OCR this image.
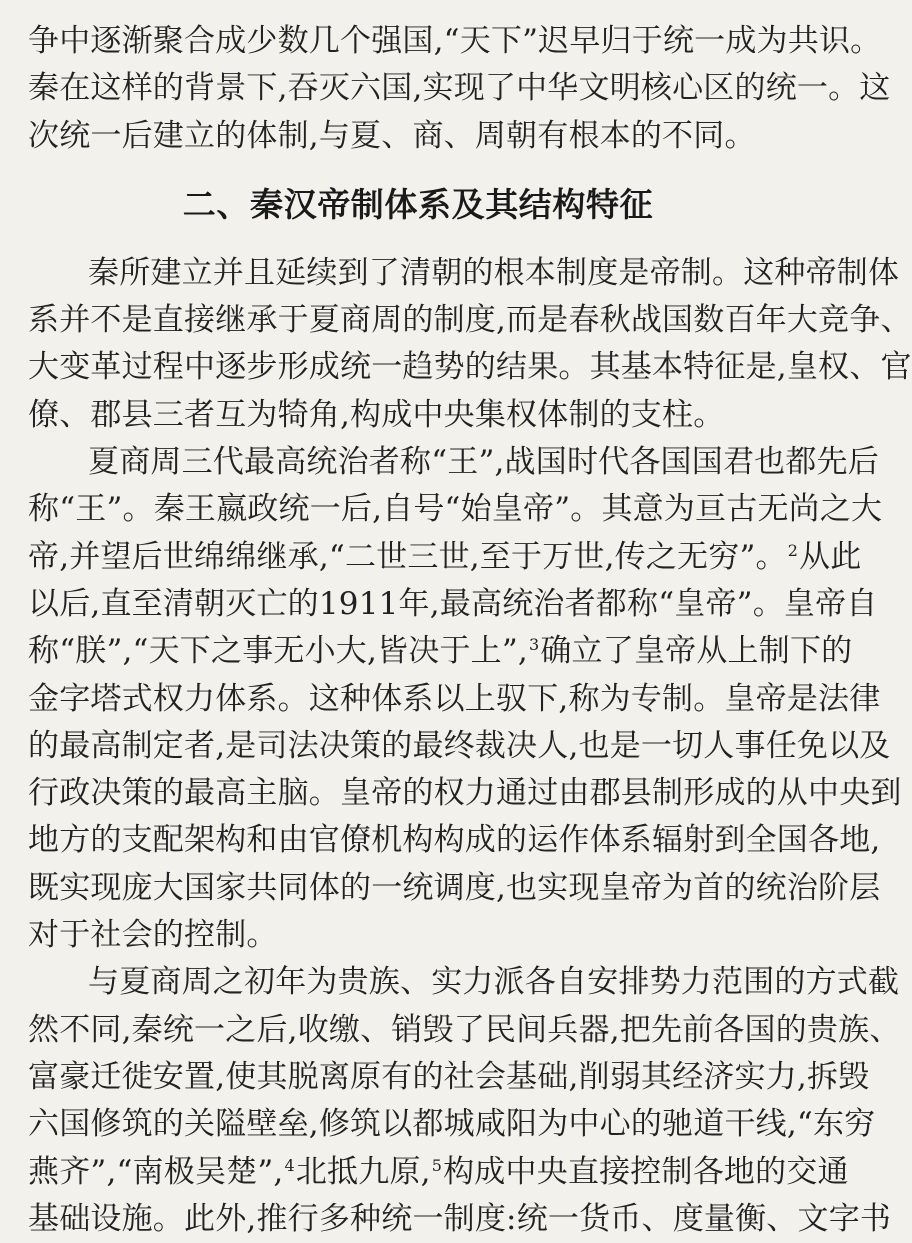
争中逐渐聚合成少数几个强国,“天下”迟早归于统一成为共识。
秦在这样的背景下,吞灭六国,实现了中华文明核心区的统一。这
次统一后建立的体制,与夏、商、周朝有根本的不同。
二、秦汉帝制体系及其结构特征
秦所建立并且延续到了清朝的根本制度是帝制。这种帝制体
系并不是直接继承于夏商周的制度,而是春秋战国数百年大竞争、
大变革过程中逐步形成统一趋势的结果。其基本特征是,皇权、官
僚、郡县三者互为犄角,构成中央集权体制的支柱。
夏商周三代最高统治者称“王”,战国时代各国国君也都先后
称“王”。秦王嬴政统一后,自号“始皇帝”。其意为亘古无尚之大
帝,并望后世绵绵继承,“二世三世,至于万世,传之无穷”。$^2$从此
以后,直至清朝灭亡的1911年,最高统治者都称“皇帝”。皇帝自
称“朕”,“天下之事无小大,皆决于上”,$^3$确立了皇帝从上制下的
金字塔式权力体系。这种体系以上驭下,称为专制。皇帝是法律
的最高制定者,是司法决策的最终裁决人,也是一切人事任免以及
行政决策的最高主脑。皇帝的权力通过由郡县制形成的从中央到
地方的支配架构和由官僚机构构成的运作体系辐射到全国各地,
既实现庞大国家共同体的一统调度,也实现皇帝为首的统治阶层
对于社会的控制。
与夏商周之初年为贵族、实力派各自安排势力范围的方式截
然不同,秦统一之后,收缴、销毁了民间兵器,把先前各国的贵族、
富豪迁徙安置,使其脱离原有的社会基础,削弱其经济实力,拆毁
六国修筑的关隘壁垒,修筑以都城咸阳为中心的驰道干线,“东穷
燕齐”,“南极吴楚”,$^4$北抵九原,$^5$构成中央直接控制各地的交通
基础设施。此外,推行多种统一制度:统一货币、度量衡、文字书
